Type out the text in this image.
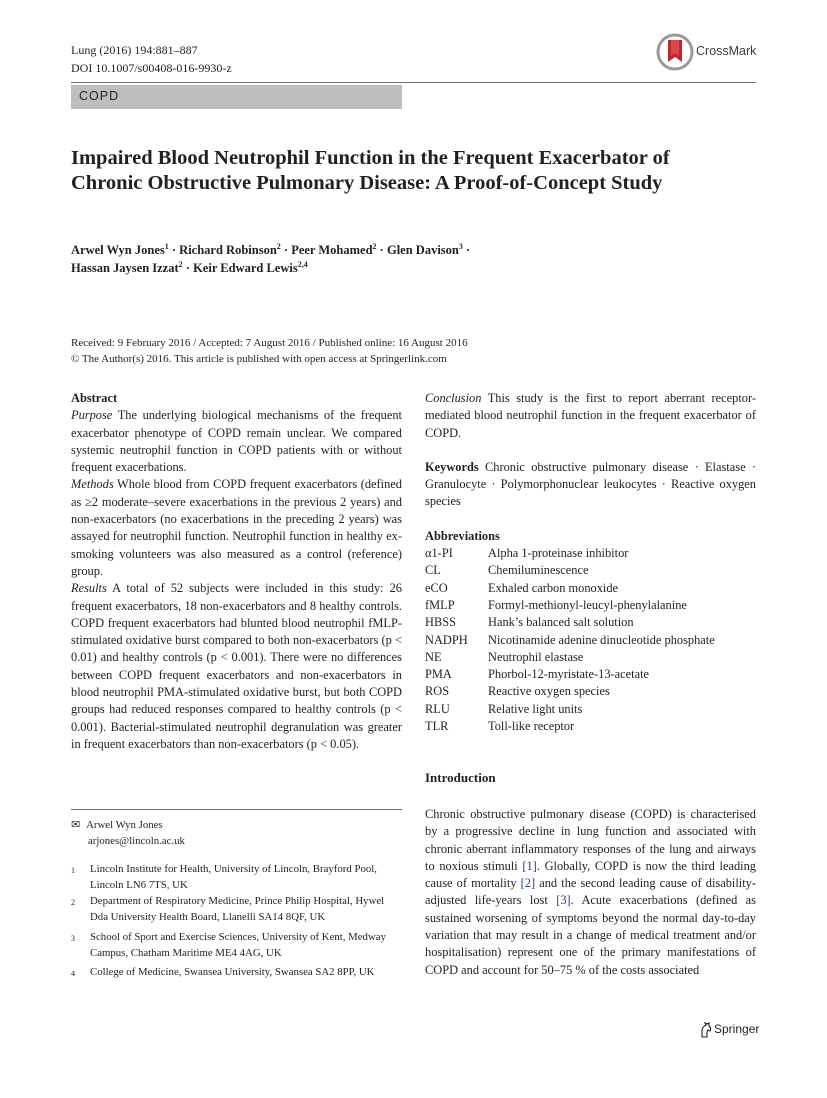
Lung (2016) 194:881–887
DOI 10.1007/s00408-016-9930-z
CrossMark
COPD
Impaired Blood Neutrophil Function in the Frequent Exacerbator of Chronic Obstructive Pulmonary Disease: A Proof-of-Concept Study
Arwel Wyn Jones$^1$ · Richard Robinson$^2$ · Peer Mohamed$^2$ · Glen Davison$^3$ ·
Hassan Jaysen Izzat$^2$ · Keir Edward Lewis$^{2,4}$
Received: 9 February 2016 / Accepted: 7 August 2016 / Published online: 16 August 2016
© The Author(s) 2016. This article is published with open access at Springerlink.com
Abstract

Purpose The underlying biological mechanisms of the frequent exacerbator phenotype of COPD remain unclear. We compared systemic neutrophil function in COPD patients with or without frequent exacerbations.

Methods Whole blood from COPD frequent exacerbators (defined as ≥2 moderate–severe exacerbations in the previous 2 years) and non-exacerbators (no exacerbations in the preceding 2 years) was assayed for neutrophil function. Neutrophil function in healthy ex-smoking volunteers was also measured as a control (reference) group.

Results A total of 52 subjects were included in this study: 26 frequent exacerbators, 18 non-exacerbators and 8 healthy controls. COPD frequent exacerbators had blunted blood neutrophil fMLP-stimulated oxidative burst compared to both non-exacerbators (p < 0.01) and healthy controls (p < 0.001). There were no differences between COPD frequent exacerbators and non-exacerbators in blood neutrophil PMA-stimulated oxidative burst, but both COPD groups had reduced responses compared to healthy controls (p < 0.001). Bacterial-stimulated neutrophil degranulation was greater in frequent exacerbators than non-exacerbators (p < 0.05).

Conclusion This study is the first to report aberrant receptor-mediated blood neutrophil function in the frequent exacerbator of COPD.

Keywords Chronic obstructive pulmonary disease · Elastase · Granulocyte · Polymorphonuclear leukocytes · Reactive oxygen species

Abbreviations
α1-PI	Alpha 1-proteinase inhibitor
CL	Chemiluminescence
eCO	Exhaled carbon monoxide
fMLP	Formyl-methionyl-leucyl-phenylalanine
HBSS	Hank’s balanced salt solution
NADPH	Nicotinamide adenine dinucleotide phosphate
NE	Neutrophil elastase
PMA	Phorbol-12-myristate-13-acetate
ROS	Reactive oxygen species
RLU	Relative light units
TLR	Toll-like receptor
Introduction

Chronic obstructive pulmonary disease (COPD) is characterised by a progressive decline in lung function and associated with chronic aberrant inflammatory responses of the lung and airways to noxious stimuli [1]. Globally, COPD is now the third leading cause of mortality [2] and the second leading cause of disability-adjusted life-years lost [3]. Acute exacerbations (defined as sustained worsening of symptoms beyond the normal day-to-day variation that may result in a change of medical treatment and/or hospitalisation) represent one of the primary manifestations of COPD and account for 50–75 % of the costs associated

✉ Arwel Wyn Jones
arjones@lincoln.ac.uk
1	Lincoln Institute for Health, University of Lincoln, Brayford Pool, Lincoln LN6 7TS, UK
2	Department of Respiratory Medicine, Prince Philip Hospital, Hywel Dda University Health Board, Llanelli SA14 8QF, UK
3	School of Sport and Exercise Sciences, University of Kent, Medway Campus, Chatham Maritime ME4 4AG, UK
4	College of Medicine, Swansea University, Swansea SA2 8PP, UK
Springer
